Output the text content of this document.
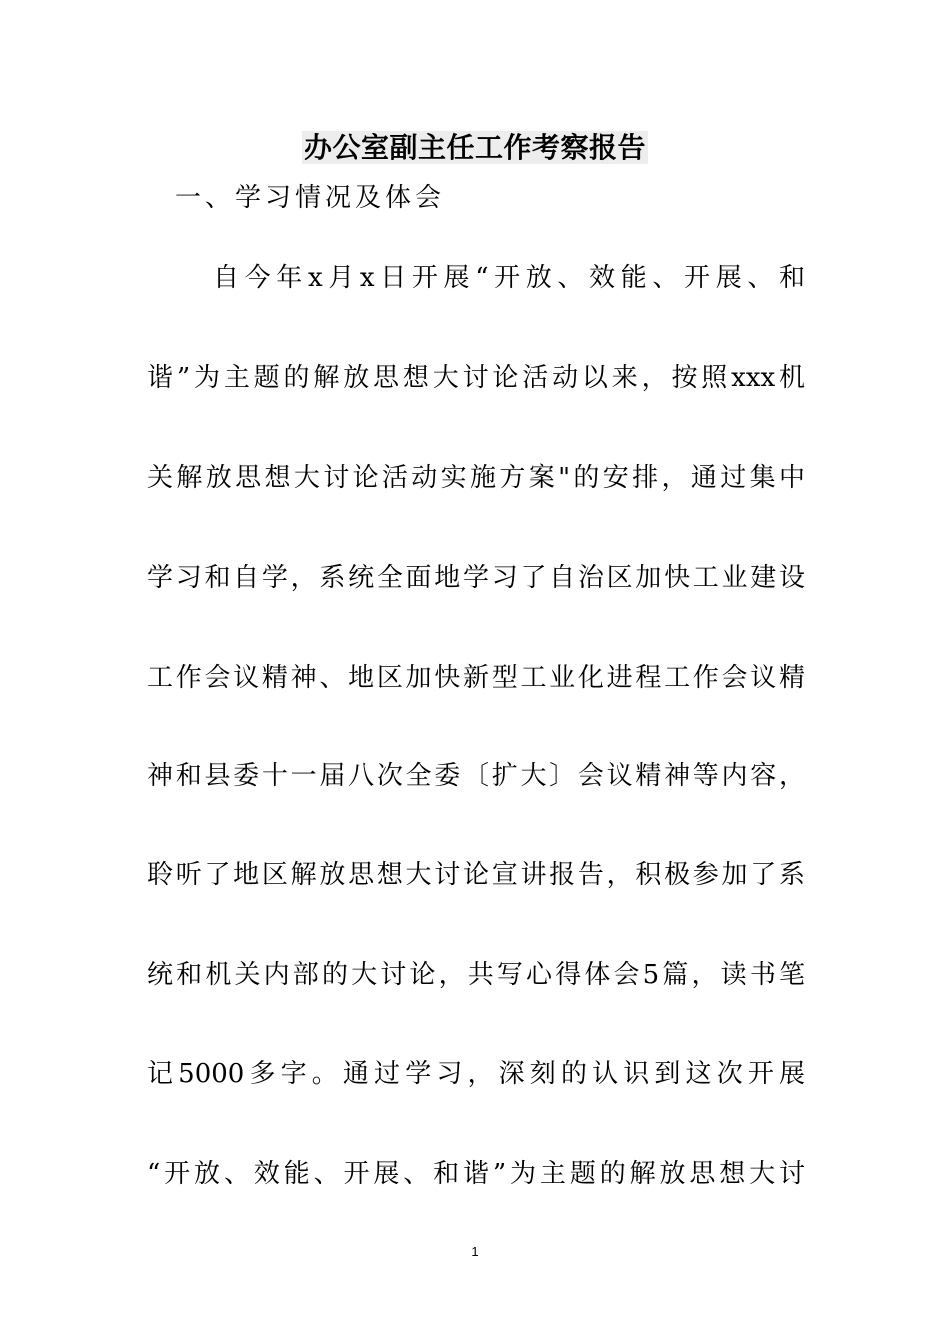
办公室副主任工作考察报告
一、学习情况及体会
自今年x月x日开展“开放、效能、开展、和
谐”为主题的解放思想大讨论活动以来，按照xxx机
关解放思想大讨论活动实施方案"的安排，通过集中
学习和自学，系统全面地学习了自治区加快工业建设
工作会议精神、地区加快新型工业化进程工作会议精
神和县委十一届八次全委〔扩大〕会议精神等内容，
聆听了地区解放思想大讨论宣讲报告，积极参加了系
统和机关内部的大讨论，共写心得体会5篇，读书笔
记5000多字。通过学习，深刻的认识到这次开展
“开放、效能、开展、和谐”为主题的解放思想大讨
1
